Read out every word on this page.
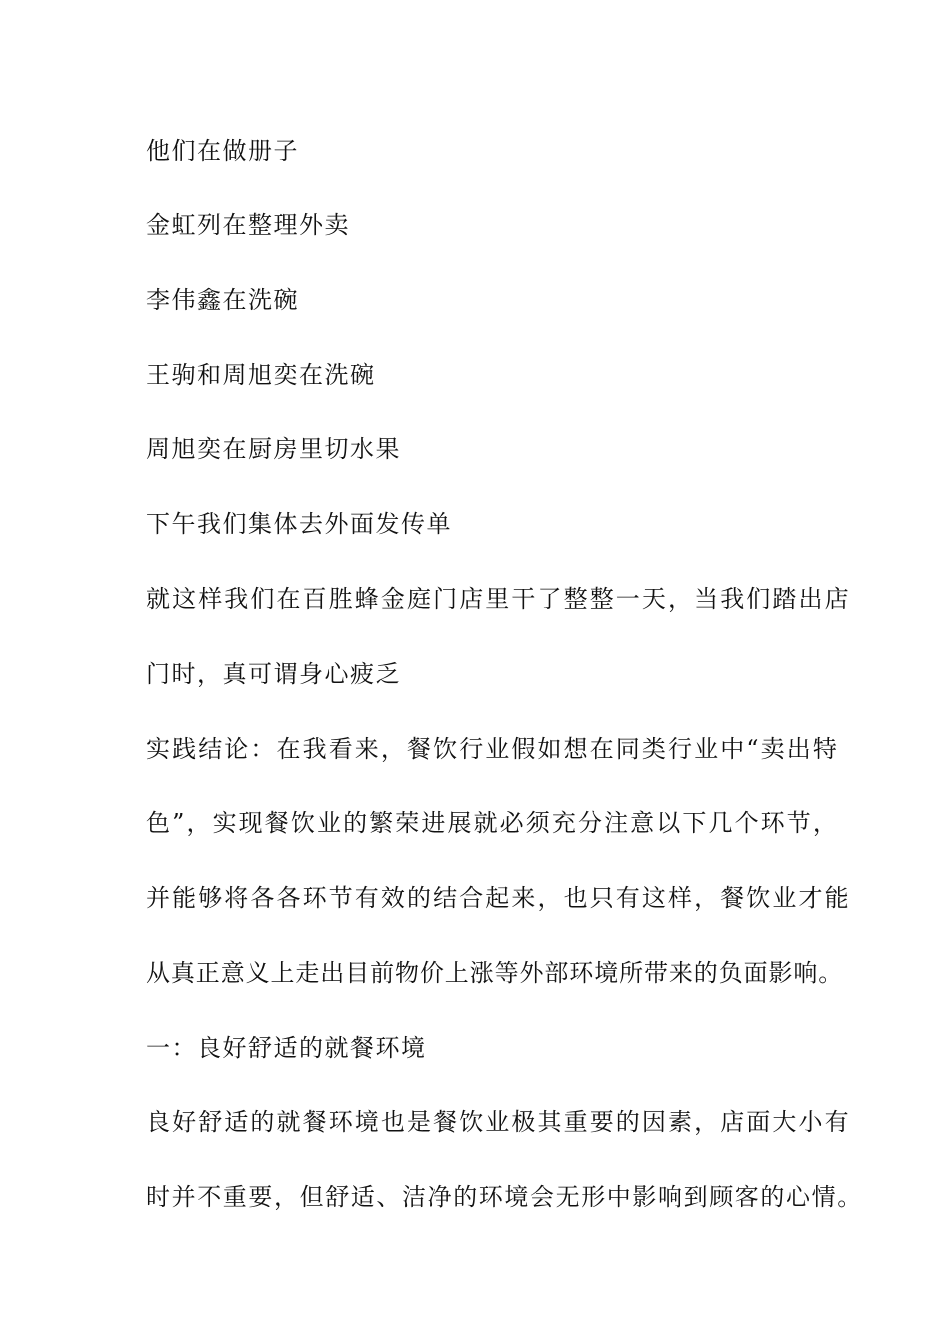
他们在做册子

金虹列在整理外卖

李伟鑫在洗碗

王驹和周旭奕在洗碗

周旭奕在厨房里切水果

下午我们集体去外面发传单

就这样我们在百胜蜂金庭门店里干了整整一天，当我们踏出店

门时，真可谓身心疲乏

实践结论：在我看来，餐饮行业假如想在同类行业中“卖出特

色”，实现餐饮业的繁荣进展就必须充分注意以下几个环节，

并能够将各各环节有效的结合起来，也只有这样，餐饮业才能

从真正意义上走出目前物价上涨等外部环境所带来的负面影响。

一：良好舒适的就餐环境

良好舒适的就餐环境也是餐饮业极其重要的因素，店面大小有

时并不重要，但舒适、洁净的环境会无形中影响到顾客的心情。
